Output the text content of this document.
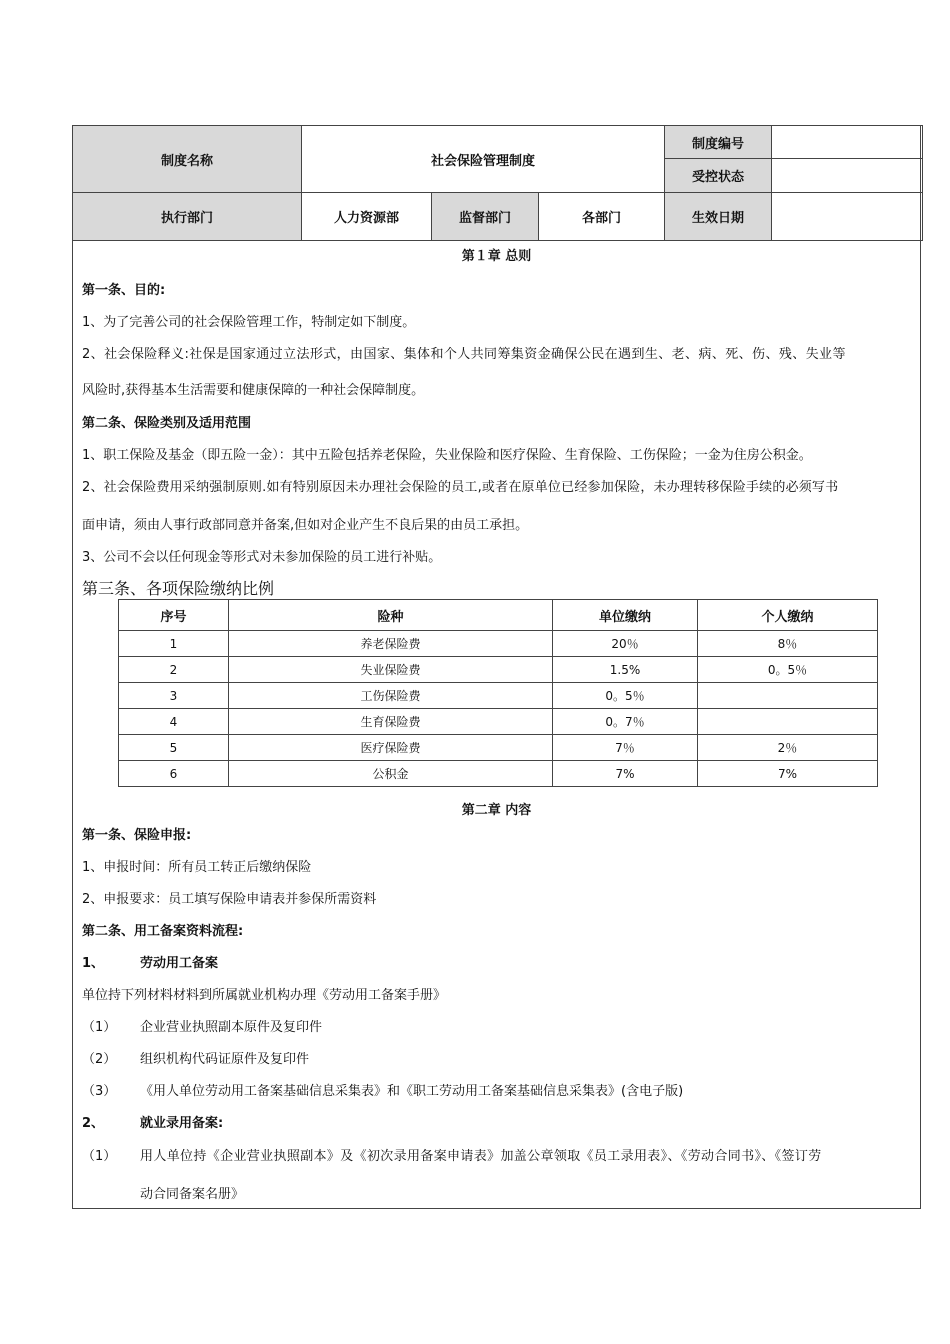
制度名称	社会保险管理制度			制度编号	
				受控状态	
执行部门	人力资源部	监督部门	各部门	生效日期	
第１章 总则
第一条、目的:
1、为了完善公司的社会保险管理工作，特制定如下制度。
2、社会保险释义:社保是国家通过立法形式，由国家、集体和个人共同筹集资金确保公民在遇到生、老、病、死、伤、残、失业等
风险时,获得基本生活需要和健康保障的一种社会保障制度。
第二条、保险类别及适用范围
1、职工保险及基金（即五险一金）：其中五险包括养老保险，失业保险和医疗保险、生育保险、工伤保险；一金为住房公积金。
2、社会保险费用采纳强制原则.如有特别原因未办理社会保险的员工,或者在原单位已经参加保险，未办理转移保险手续的必须写书
面申请，须由人事行政部同意并备案,但如对企业产生不良后果的由员工承担。
3、公司不会以任何现金等形式对未参加保险的员工进行补贴。
第三条、各项保险缴纳比例
序号	险种	单位缴纳	个人缴纳
1	养老保险费	20％	8％
2	失业保险费	1.5%	0。5％
3	工伤保险费	0。5％	
4	生育保险费	0。7％	
5	医疗保险费	7％	2％
6	公积金	7%	7%
第二章 内容
第一条、保险申报:
1、申报时间：所有员工转正后缴纳保险
2、申报要求：员工填写保险申请表并参保所需资料
第二条、用工备案资料流程:
1、	劳动用工备案
单位持下列材料材料到所属就业机构办理《劳动用工备案手册》
（1） 企业营业执照副本原件及复印件
（2） 组织机构代码证原件及复印件
（3） 《用人单位劳动用工备案基础信息采集表》和《职工劳动用工备案基础信息采集表》(含电子版)
2、	就业录用备案:
（1） 用人单位持《企业营业执照副本》及《初次录用备案申请表》加盖公章领取《员工录用表》、《劳动合同书》、《签订劳
动合同备案名册》
